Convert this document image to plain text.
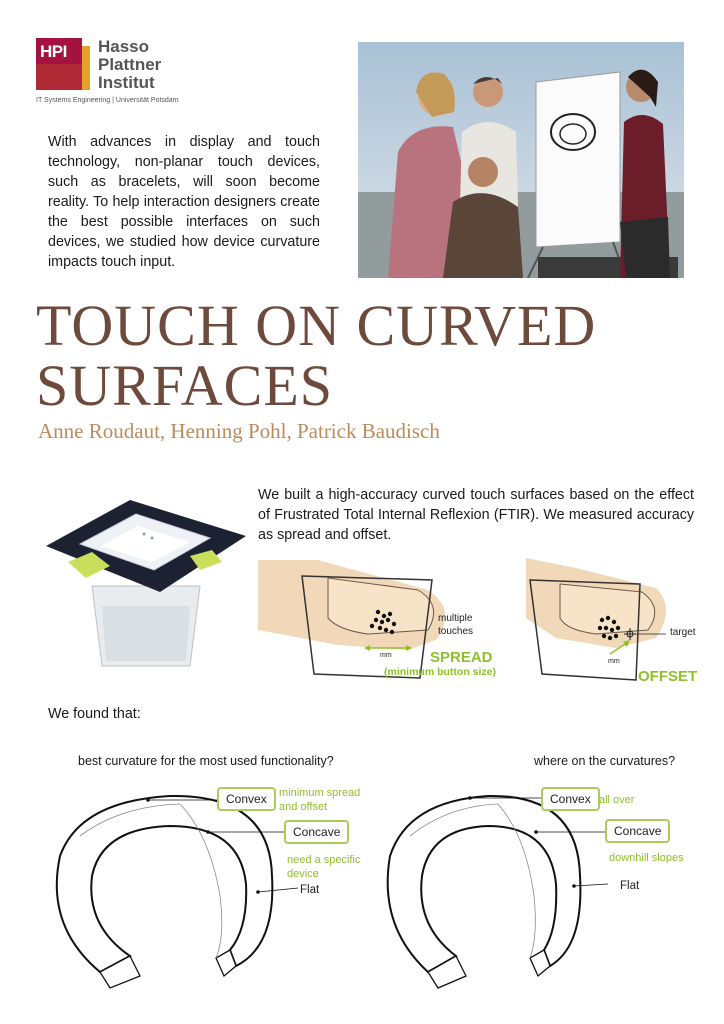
HPI Hasso
Plattner
Institut
IT Systems Engineering | Universität Potsdam
With advances in display and touch technology, non-planar touch devices, such as bracelets, will soon become reality. To help interaction designers create the best possible interfaces on such devices, we studied how device curvature impacts touch input.
TOUCH ON CURVED SURFACES
Anne Roudaut, Henning Pohl, Patrick Baudisch
We built a high-accuracy curved touch surfaces based on the effect of Frustrated Total Internal Reflexion (FTIR). We measured accuracy as spread and offset.
mm
multiple touches
SPREAD
(minimum button size)
mm
target
OFFSET
We found that:
best curvature for the most used functionality?	where on the curvatures?
Convex	minimum spread and offset
Concave
need a specific device
Flat
Convex all over
Concave
downhill slopes
Flat
